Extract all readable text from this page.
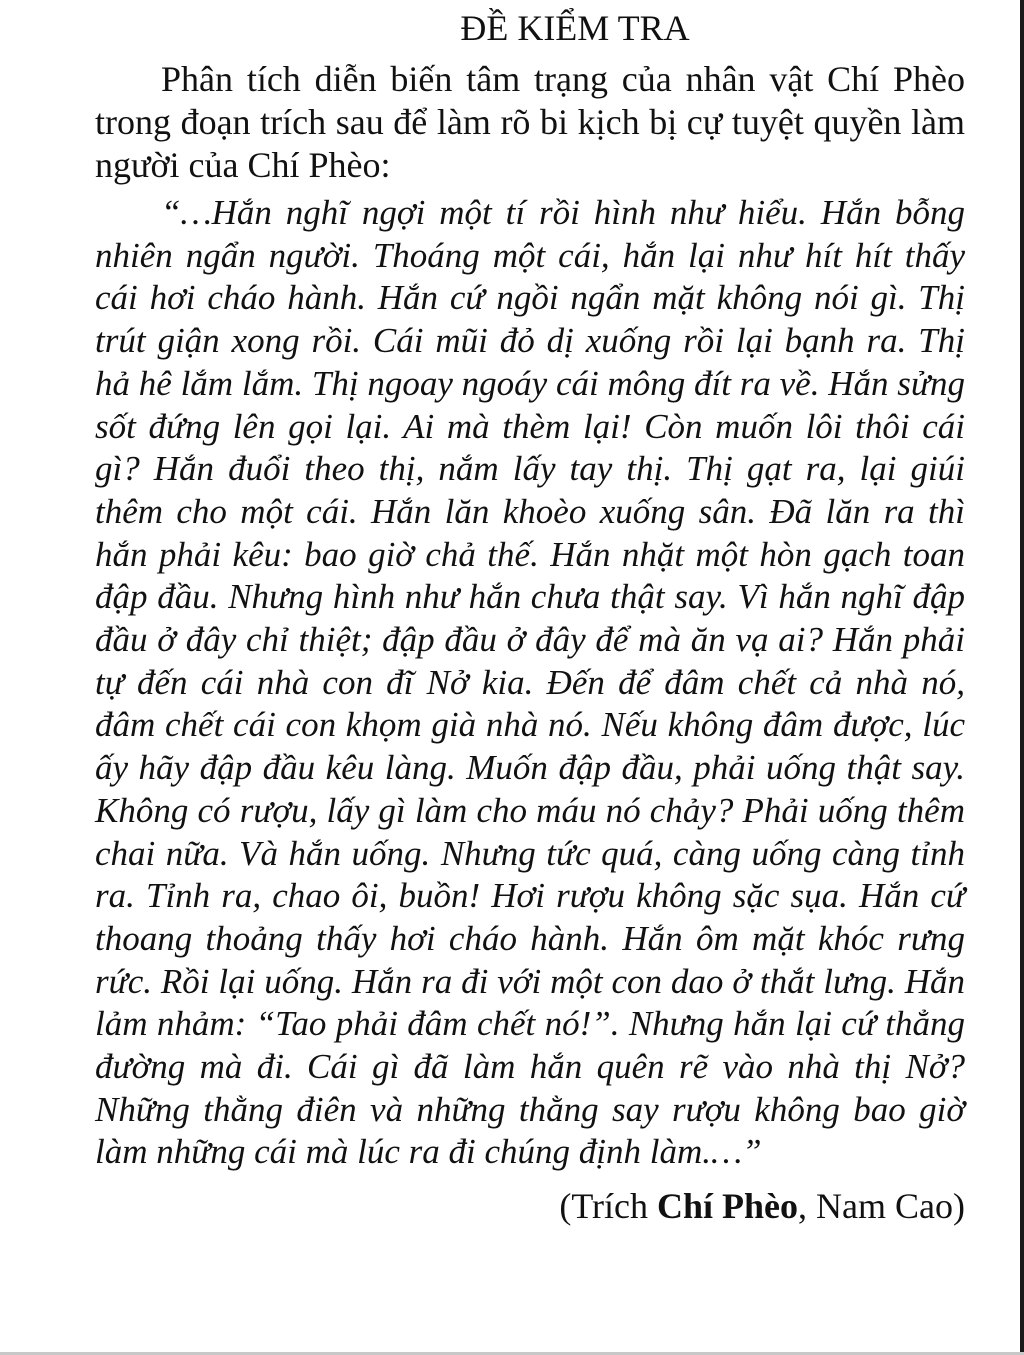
ĐỀ KIỂM TRA

Phân tích diễn biến tâm trạng của nhân vật Chí Phèo trong đoạn trích sau để làm rõ bi kịch bị cự tuyệt quyền làm người của Chí Phèo:

“…Hắn nghĩ ngợi một tí rồi hình như hiểu. Hắn bỗng nhiên ngẩn người. Thoáng một cái, hắn lại như hít hít thấy cái hơi cháo hành. Hắn cứ ngồi ngẩn mặt không nói gì. Thị trút giận xong rồi. Cái mũi đỏ dị xuống rồi lại bạnh ra. Thị hả hê lắm lắm. Thị ngoay ngoáy cái mông đít ra về. Hắn sửng sốt đứng lên gọi lại. Ai mà thèm lại! Còn muốn lôi thôi cái gì? Hắn đuổi theo thị, nắm lấy tay thị. Thị gạt ra, lại giúi thêm cho một cái. Hắn lăn khoèo xuống sân. Đã lăn ra thì hắn phải kêu: bao giờ chả thế. Hắn nhặt một hòn gạch toan đập đầu. Nhưng hình như hắn chưa thật say. Vì hắn nghĩ đập đầu ở đây chỉ thiệt; đập đầu ở đây để mà ăn vạ ai? Hắn phải tự đến cái nhà con đĩ Nở kia. Đến để đâm chết cả nhà nó, đâm chết cái con khọm già nhà nó. Nếu không đâm được, lúc ấy hãy đập đầu kêu làng. Muốn đập đầu, phải uống thật say. Không có rượu, lấy gì làm cho máu nó chảy? Phải uống thêm chai nữa. Và hắn uống. Nhưng tức quá, càng uống càng tỉnh ra. Tỉnh ra, chao ôi, buồn! Hơi rượu không sặc sụa. Hắn cứ thoang thoảng thấy hơi cháo hành. Hắn ôm mặt khóc rưng rức. Rồi lại uống. Hắn ra đi với một con dao ở thắt lưng. Hắn lảm nhảm: “Tao phải đâm chết nó!”. Nhưng hắn lại cứ thẳng đường mà đi. Cái gì đã làm hắn quên rẽ vào nhà thị Nở? Những thằng điên và những thằng say rượu không bao giờ làm những cái mà lúc ra đi chúng định làm.…”

(Trích Chí Phèo, Nam Cao)
